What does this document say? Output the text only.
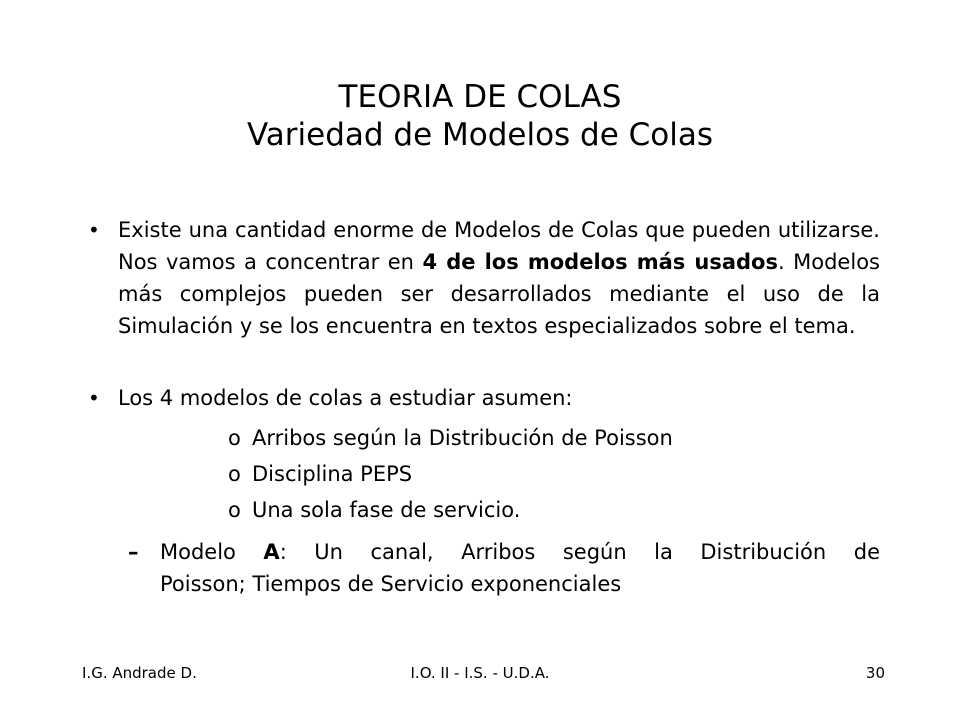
TEORIA DE COLAS
Variedad de Modelos de Colas
• Existe una cantidad enorme de Modelos de Colas que pueden utilizarse. Nos vamos a concentrar en 4 de los modelos más usados. Modelos más complejos pueden ser desarrollados mediante el uso de la Simulación y se los encuentra en textos especializados sobre el tema.
• Los 4 modelos de colas a estudiar asumen:
o Arribos según la Distribución de Poisson
o Disciplina PEPS
o Una sola fase de servicio.
– Modelo A: Un canal, Arribos según la Distribución de
Poisson; Tiempos de Servicio exponenciales
I.G. Andrade D.	I.O. II - I.S. - U.D.A.	30
